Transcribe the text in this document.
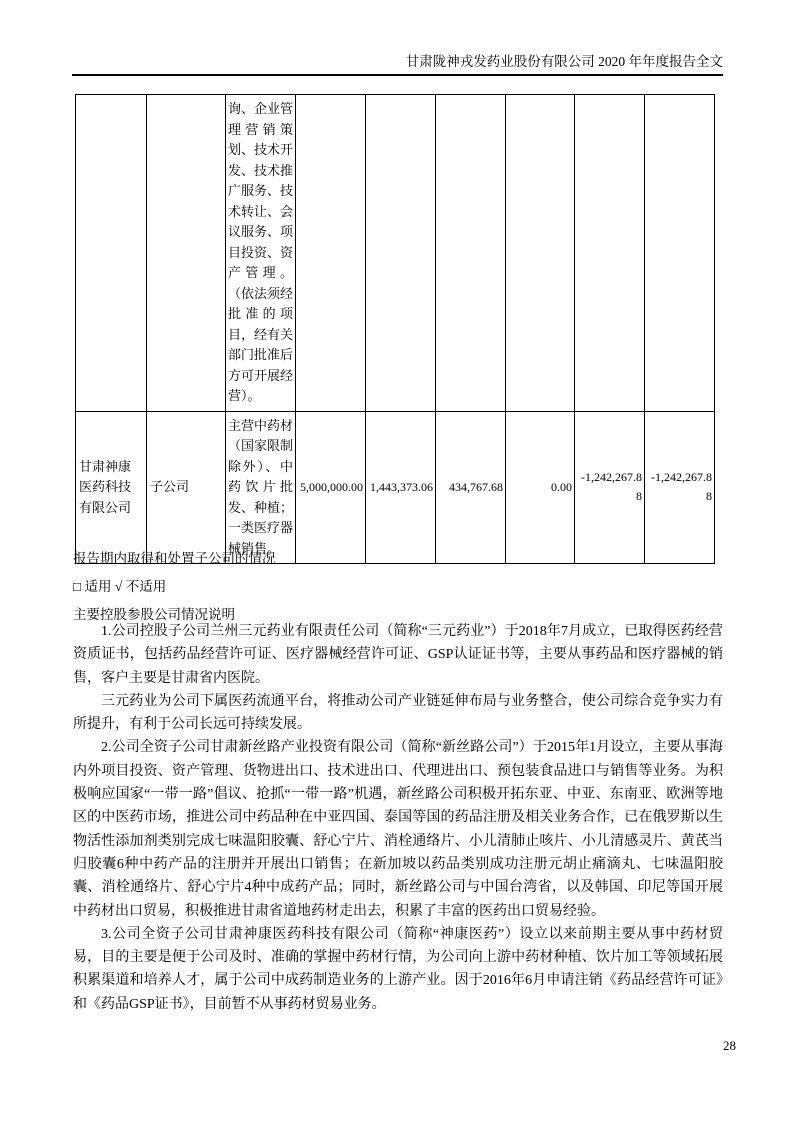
甘肃陇神戎发药业股份有限公司 2020 年年度报告全文
		询、企业管理营销策划、技术开发、技术推广服务、技术转让、会议服务、项目投资、资产管理。（依法须经批准的项目，经有关部门批准后方可开展经营）。						
甘肃神康医药科技有限公司	子公司	主营中药材（国家限制除外）、中药饮片批发、种植；一类医疗器械销售。	5,000,000.00	1,443,373.06	434,767.68	0.00	-1,242,267.88	-1,242,267.88
报告期内取得和处置子公司的情况
□ 适用 √ 不适用
主要控股参股公司情况说明

1.公司控股子公司兰州三元药业有限责任公司（简称“三元药业”）于2018年7月成立，已取得医药经营资质证书，包括药品经营许可证、医疗器械经营许可证、GSP认证证书等，主要从事药品和医疗器械的销售，客户主要是甘肃省内医院。

三元药业为公司下属医药流通平台，将推动公司产业链延伸布局与业务整合，使公司综合竞争实力有所提升，有利于公司长远可持续发展。

2.公司全资子公司甘肃新丝路产业投资有限公司（简称“新丝路公司”）于2015年1月设立，主要从事海内外项目投资、资产管理、货物进出口、技术进出口、代理进出口、预包装食品进口与销售等业务。为积极响应国家“一带一路”倡议、抢抓“一带一路”机遇，新丝路公司积极开拓东亚、中亚、东南亚、欧洲等地区的中医药市场，推进公司中药品种在中亚四国、泰国等国的药品注册及相关业务合作，已在俄罗斯以生物活性添加剂类别完成七味温阳胶囊、舒心宁片、消栓通络片、小儿清肺止咳片、小儿清感灵片、黄芪当归胶囊6种中药产品的注册并开展出口销售；在新加坡以药品类别成功注册元胡止痛滴丸、七味温阳胶囊、消栓通络片、舒心宁片4种中成药产品；同时，新丝路公司与中国台湾省，以及韩国、印尼等国开展中药材出口贸易，积极推进甘肃省道地药材走出去，积累了丰富的医药出口贸易经验。

3.公司全资子公司甘肃神康医药科技有限公司（简称“神康医药”）设立以来前期主要从事中药材贸易，目的主要是便于公司及时、准确的掌握中药材行情，为公司向上游中药材种植、饮片加工等领域拓展积累渠道和培养人才，属于公司中成药制造业务的上游产业。因于2016年6月申请注销《药品经营许可证》和《药品GSP证书》，目前暂不从事药材贸易业务。

28
